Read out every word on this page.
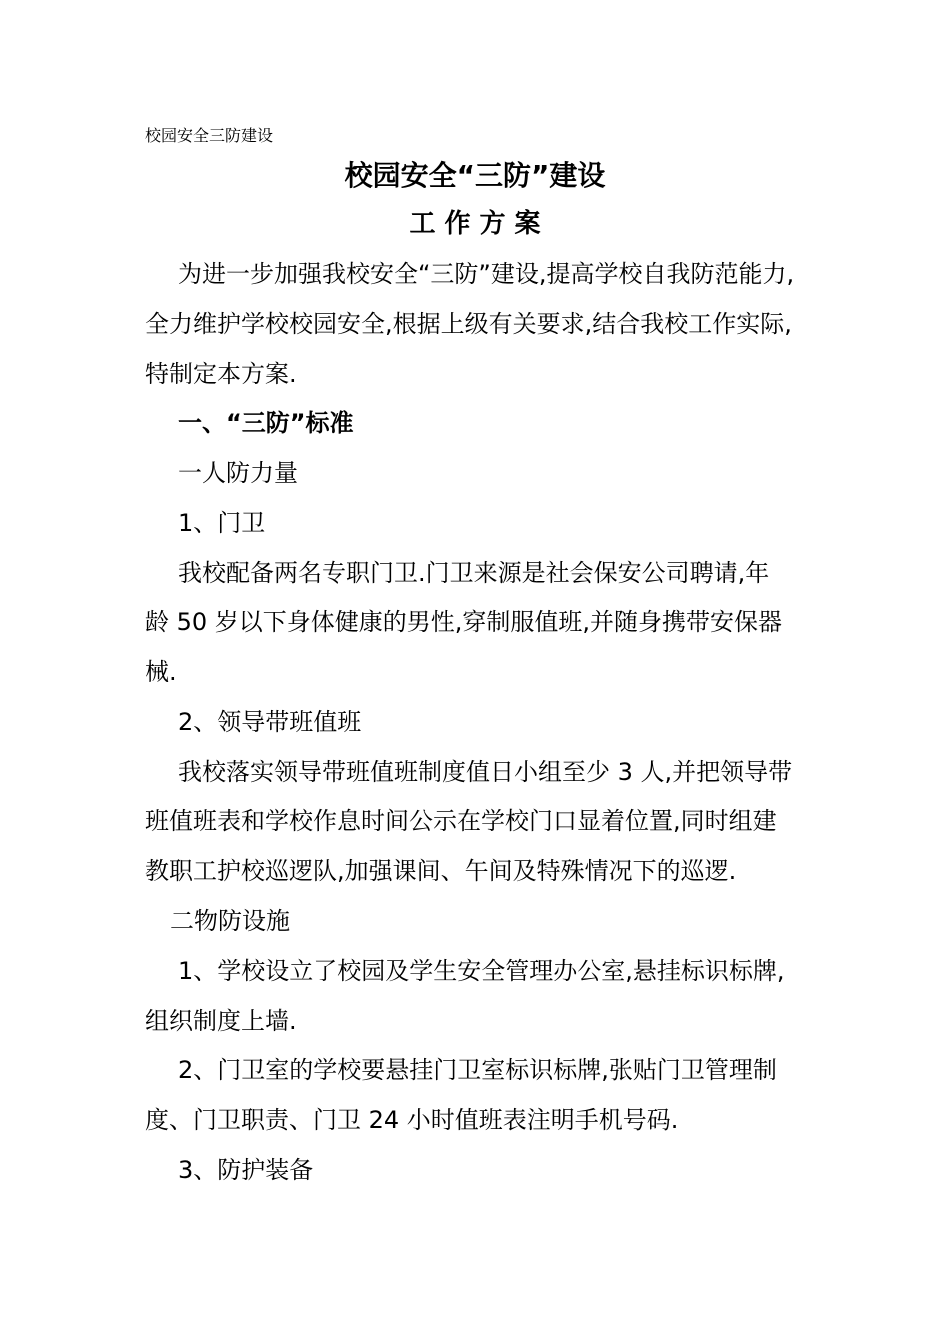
校园安全三防建设
校园安全“三防”建设
工作方案
为进一步加强我校安全“三防”建设,提高学校自我防范能力,
全力维护学校校园安全,根据上级有关要求,结合我校工作实际,
特制定本方案.
一、“三防”标准
一人防力量
1、门卫
我校配备两名专职门卫.门卫来源是社会保安公司聘请,年
龄 50 岁以下身体健康的男性,穿制服值班,并随身携带安保器
械.
2、领导带班值班
我校落实领导带班值班制度值日小组至少 3 人,并把领导带
班值班表和学校作息时间公示在学校门口显着位置,同时组建
教职工护校巡逻队,加强课间、午间及特殊情况下的巡逻.
二物防设施
1、学校设立了校园及学生安全管理办公室,悬挂标识标牌,
组织制度上墙.
2、门卫室的学校要悬挂门卫室标识标牌,张贴门卫管理制
度、门卫职责、门卫 24 小时值班表注明手机号码.
3、防护装备
